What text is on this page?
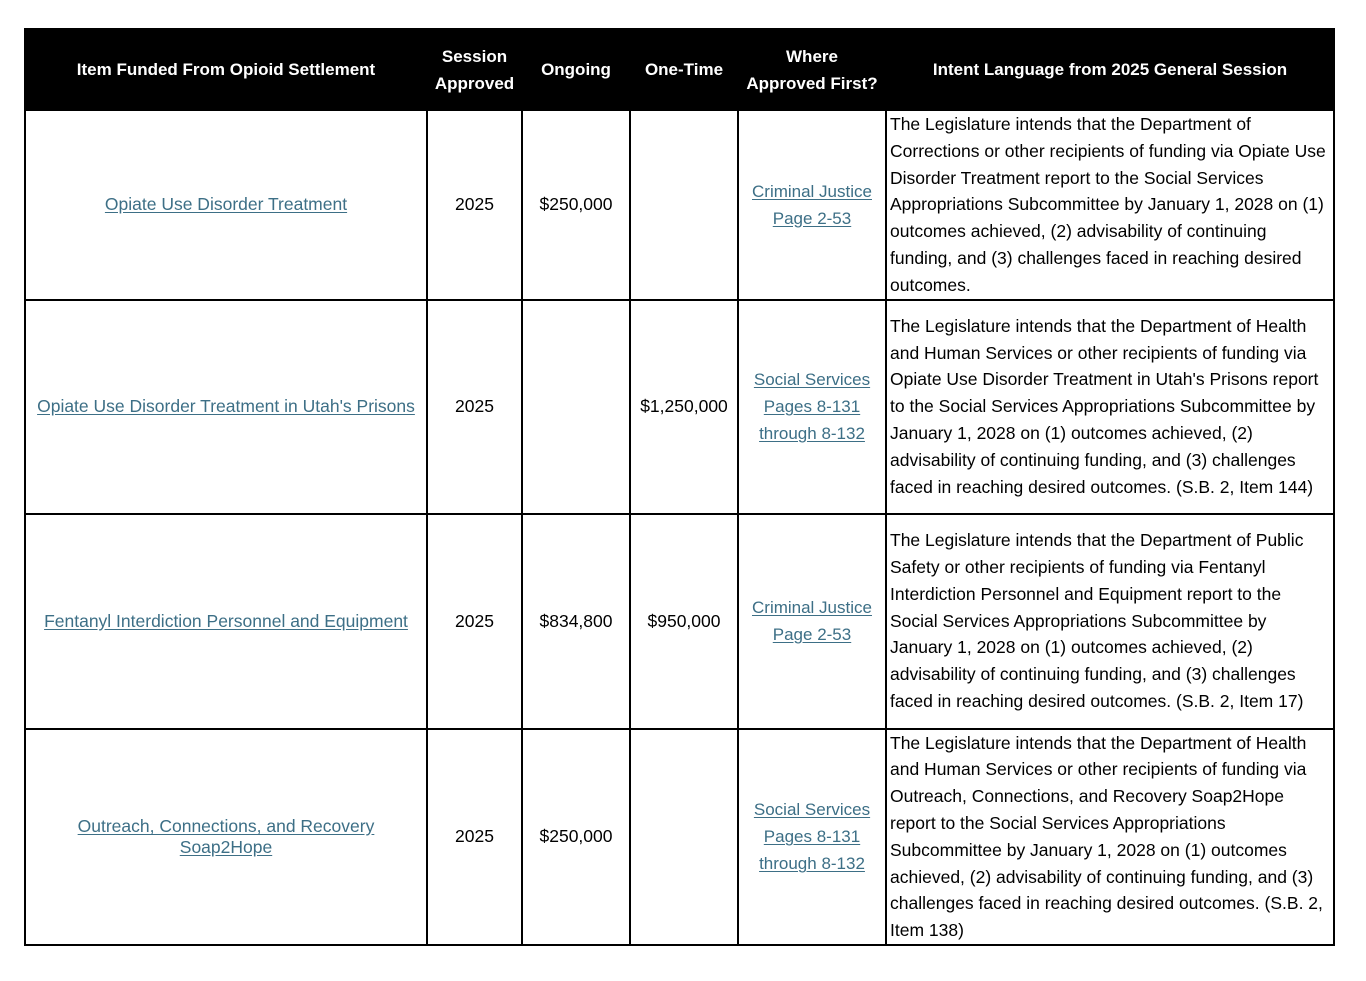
Item Funded From Opioid Settlement	Session Approved	Ongoing	One-Time	Where Approved First?	Intent Language from 2025 General Session
Opiate Use Disorder Treatment	2025	$250,000		Criminal Justice Page 2-53	The Legislature intends that the Department of Corrections or other recipients of funding via Opiate Use Disorder Treatment report to the Social Services Appropriations Subcommittee by January 1, 2028 on (1) outcomes achieved, (2) advisability of continuing funding, and (3) challenges faced in reaching desired outcomes.
Opiate Use Disorder Treatment in Utah's Prisons	2025		$1,250,000	Social Services Pages 8-131 through 8-132	The Legislature intends that the Department of Health and Human Services or other recipients of funding via Opiate Use Disorder Treatment in Utah's Prisons report to the Social Services Appropriations Subcommittee by January 1, 2028 on (1) outcomes achieved, (2) advisability of continuing funding, and (3) challenges faced in reaching desired outcomes. (S.B. 2, Item 144)
Fentanyl Interdiction Personnel and Equipment	2025	$834,800	$950,000	Criminal Justice Page 2-53	The Legislature intends that the Department of Public Safety or other recipients of funding via Fentanyl Interdiction Personnel and Equipment report to the Social Services Appropriations Subcommittee by January 1, 2028 on (1) outcomes achieved, (2) advisability of continuing funding, and (3) challenges faced in reaching desired outcomes. (S.B. 2, Item 17)
Outreach, Connections, and Recovery Soap2Hope	2025	$250,000		Social Services Pages 8-131 through 8-132	The Legislature intends that the Department of Health and Human Services or other recipients of funding via Outreach, Connections, and Recovery Soap2Hope report to the Social Services Appropriations Subcommittee by January 1, 2028 on (1) outcomes achieved, (2) advisability of continuing funding, and (3) challenges faced in reaching desired outcomes. (S.B. 2, Item 138)
